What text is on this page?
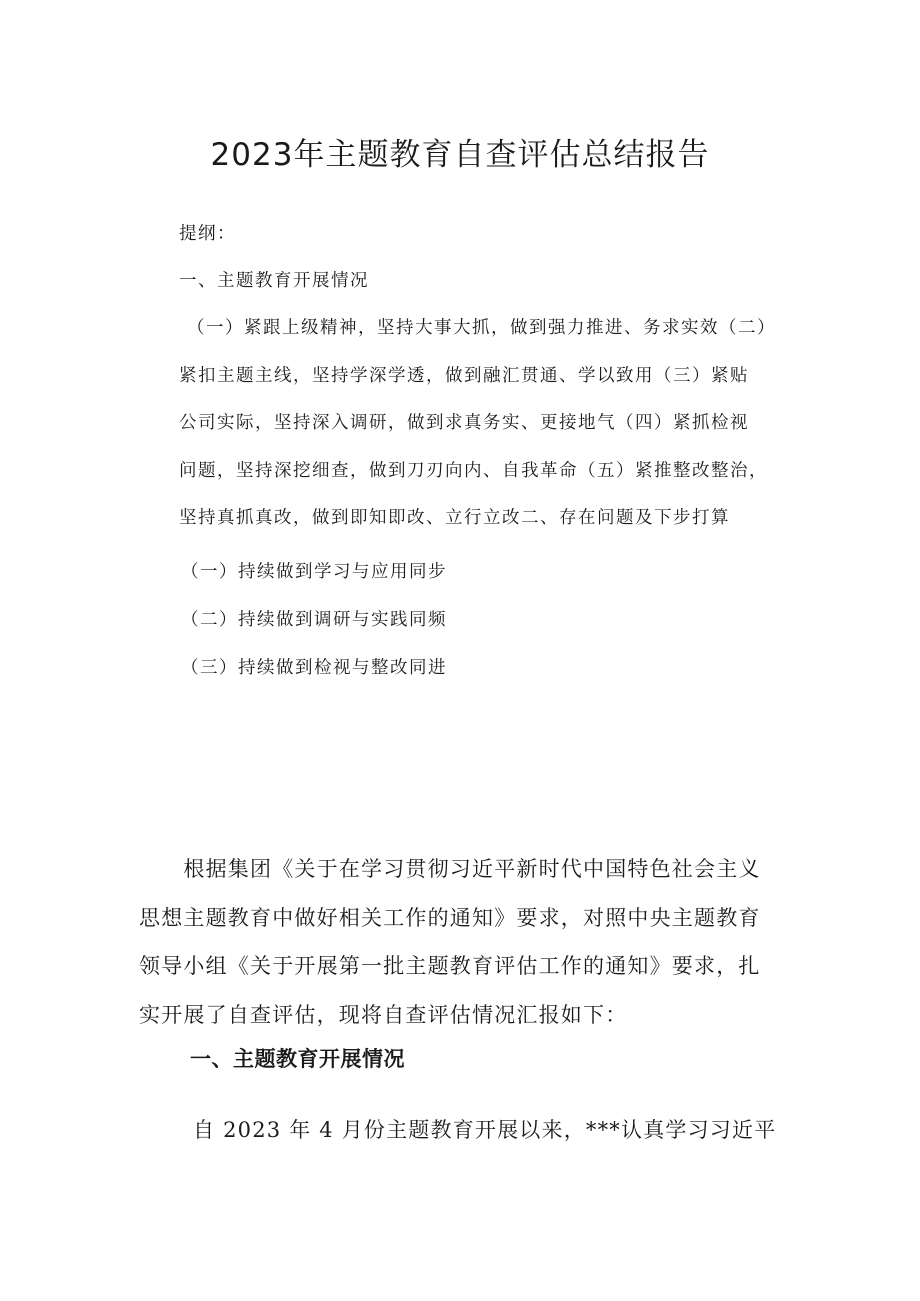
2023年主题教育自查评估总结报告
提纲：
一、主题教育开展情况
（一）紧跟上级精神，坚持大事大抓，做到强力推进、务求实效（二）
紧扣主题主线，坚持学深学透，做到融汇贯通、学以致用（三）紧贴
公司实际，坚持深入调研，做到求真务实、更接地气（四）紧抓检视
问题，坚持深挖细查，做到刀刃向内、自我革命（五）紧推整改整治，
坚持真抓真改，做到即知即改、立行立改二、存在问题及下步打算
（一）持续做到学习与应用同步
（二）持续做到调研与实践同频
（三）持续做到检视与整改同进
　　根据集团《关于在学习贯彻习近平新时代中国特色社会主义
思想主题教育中做好相关工作的通知》要求，对照中央主题教育
领导小组《关于开展第一批主题教育评估工作的通知》要求，扎
实开展了自查评估，现将自查评估情况汇报如下：
一、主题教育开展情况
自 2023 年 4 月份主题教育开展以来，***认真学习习近平
